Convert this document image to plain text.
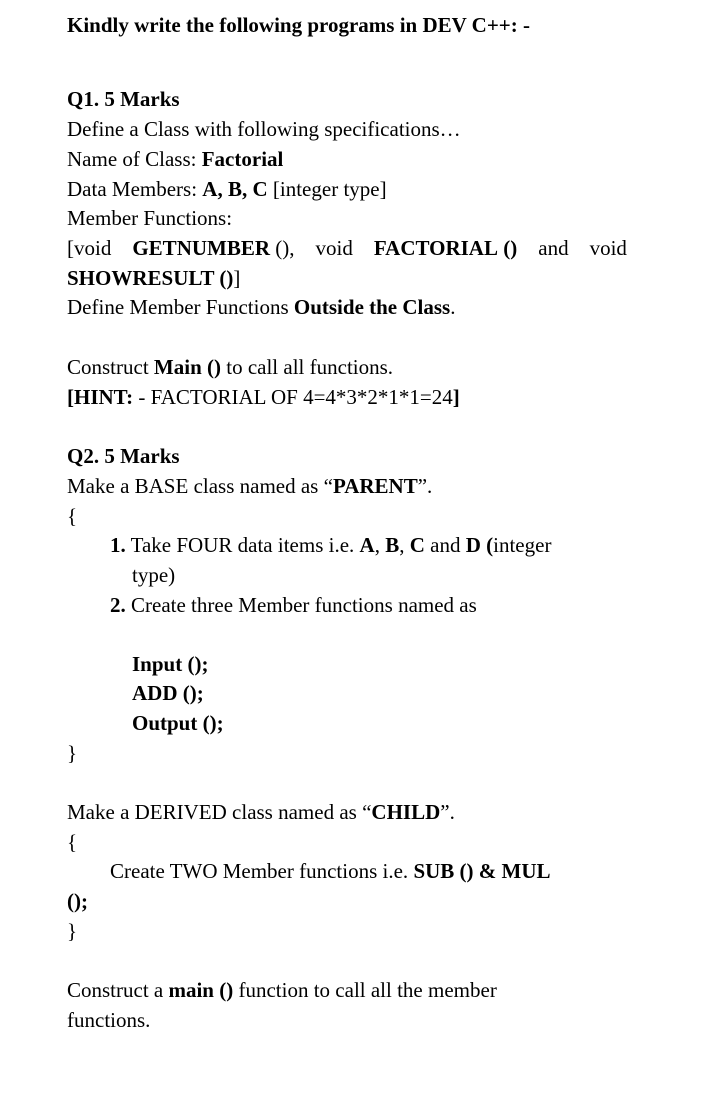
Kindly write the following programs in DEV C++: -
Q1. 5 Marks
Define a Class with following specifications…
Name of Class: Factorial
Data Members: A, B, C [integer type]
Member Functions:
[void GETNUMBER (), void FACTORIAL () and void
SHOWRESULT ()]
Define Member Functions Outside the Class.
Construct Main () to call all functions.
[HINT: - FACTORIAL OF 4=4*3*2*1*1=24]
Q2. 5 Marks
Make a BASE class named as “PARENT”.
{
1. Take FOUR data items i.e. A, B, C and D (integer
type)
2. Create three Member functions named as
Input ();
ADD ();
Output ();
}
Make a DERIVED class named as “CHILD”.
{
Create TWO Member functions i.e. SUB () & MUL
();
}
Construct a main () function to call all the member
functions.
